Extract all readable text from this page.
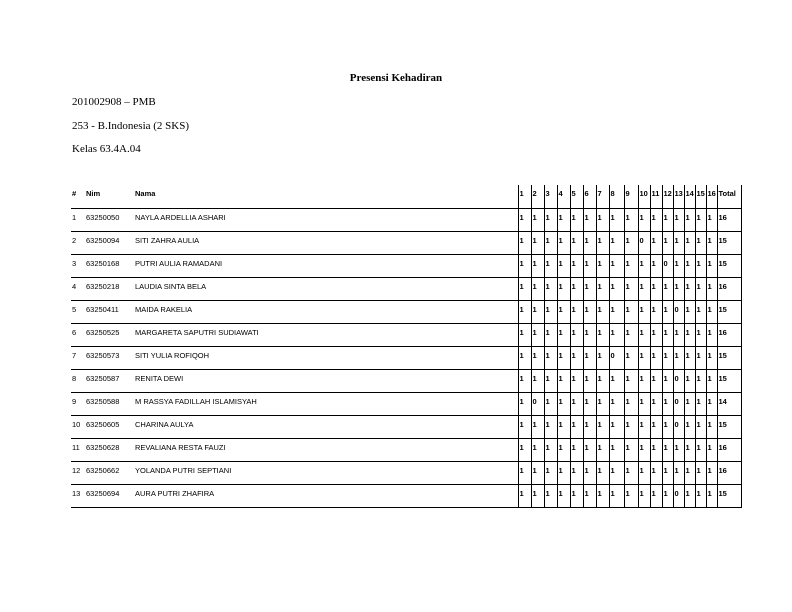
Presensi Kehadiran
201002908 – PMB
253 - B.Indonesia (2 SKS)
Kelas 63.4A.04
#	Nim	Nama	1	2	3	4	5	6	7	8	9	10	11	12	13	14	15	16	Total
1	63250050	NAYLA ARDELLIA ASHARI	1	1	1	1	1	1	1	1	1	1	1	1	1	1	1	1	16
2	63250094	SITI ZAHRA AULIA	1	1	1	1	1	1	1	1	1	0	1	1	1	1	1	1	15
3	63250168	PUTRI AULIA RAMADANI	1	1	1	1	1	1	1	1	1	1	1	0	1	1	1	1	15
4	63250218	LAUDIA SINTA BELA	1	1	1	1	1	1	1	1	1	1	1	1	1	1	1	1	16
5	63250411	MAIDA RAKELIA	1	1	1	1	1	1	1	1	1	1	1	1	0	1	1	1	15
6	63250525	MARGARETA SAPUTRI SUDIAWATI	1	1	1	1	1	1	1	1	1	1	1	1	1	1	1	1	16
7	63250573	SITI YULIA ROFIQOH	1	1	1	1	1	1	1	0	1	1	1	1	1	1	1	1	15
8	63250587	RENITA DEWI	1	1	1	1	1	1	1	1	1	1	1	1	0	1	1	1	15
9	63250588	M RASSYA FADILLAH ISLAMISYAH	1	0	1	1	1	1	1	1	1	1	1	1	0	1	1	1	14
10	63250605	CHARINA AULYA	1	1	1	1	1	1	1	1	1	1	1	1	0	1	1	1	15
11	63250628	REVALIANA RESTA FAUZI	1	1	1	1	1	1	1	1	1	1	1	1	1	1	1	1	16
12	63250662	YOLANDA PUTRI SEPTIANI	1	1	1	1	1	1	1	1	1	1	1	1	1	1	1	1	16
13	63250694	AURA PUTRI ZHAFIRA	1	1	1	1	1	1	1	1	1	1	1	1	0	1	1	1	15
